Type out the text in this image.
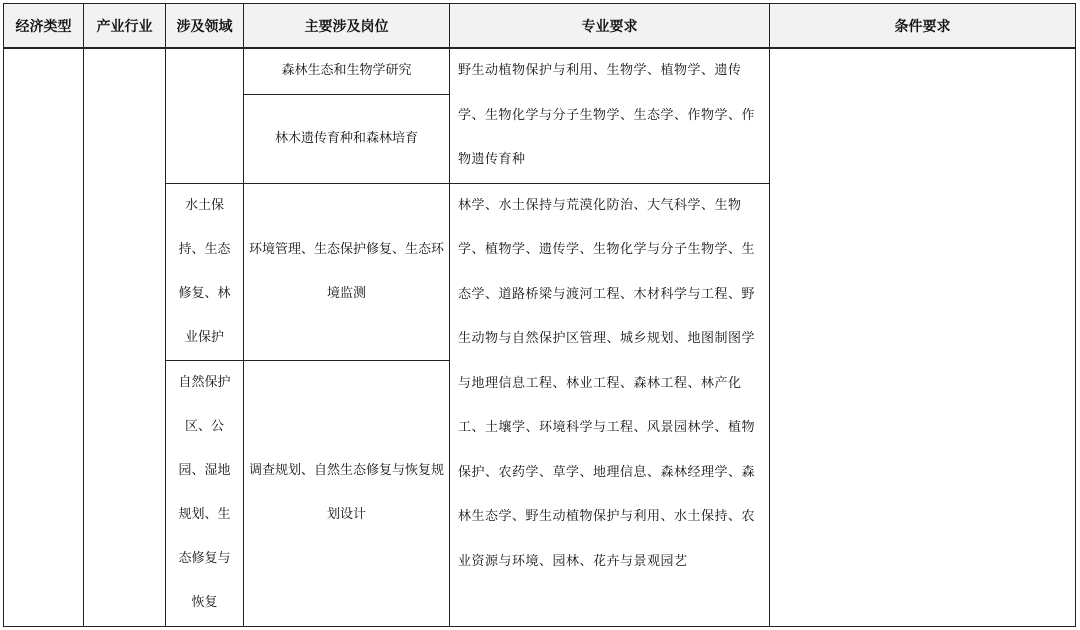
经济类型	产业行业	涉及领域	主要涉及岗位	专业要求	条件要求
			森林生态和生物学研究	野生动植物保护与利用、生物学、植物学、遗传学、生物化学与分子生物学、生态学、作物学、作物遗传育种	
			林木遗传育种和森林培育		

		水土保持、生态修复、林业保护	环境管理、生态保护修复、生态环境监测	林学、水土保持与荒漠化防治、大气科学、生物学、植物学、遗传学、生物化学与分子生物学、生态学、道路桥梁与渡河工程、木材科学与工程、野生动物与自然保护区管理、城乡规划、地图制图学与地理信息工程、林业工程、森林工程、林产化工、土壤学、环境科学与工程、风景园林学、植物保护、农药学、草学、地理信息、森林经理学、森林生态学、野生动植物保护与利用、水土保持、农业资源与环境、园林、花卉与景观园艺	

		自然保护区、公园、湿地规划、生态修复与恢复	调查规划、自然生态修复与恢复规划设计		
